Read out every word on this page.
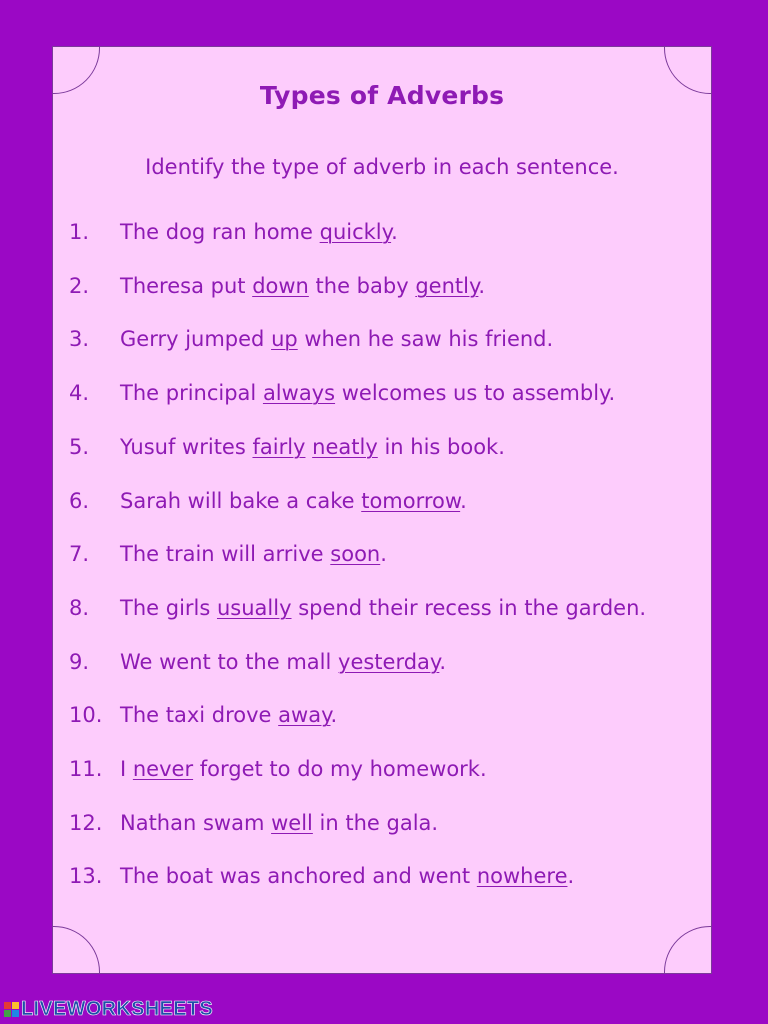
Types of Adverbs
Identify the type of adverb in each sentence.
1. The dog ran home quickly.
2. Theresa put down the baby gently.
3. Gerry jumped up when he saw his friend.
4. The principal always welcomes us to assembly.
5. Yusuf writes fairly neatly in his book.
6. Sarah will bake a cake tomorrow.
7. The train will arrive soon.
8. The girls usually spend their recess in the garden.
9. We went to the mall yesterday.
10. The taxi drove away.
11. I never forget to do my homework.
12. Nathan swam well in the gala.
13. The boat was anchored and went nowhere.
LIVEWORKSHEETS
